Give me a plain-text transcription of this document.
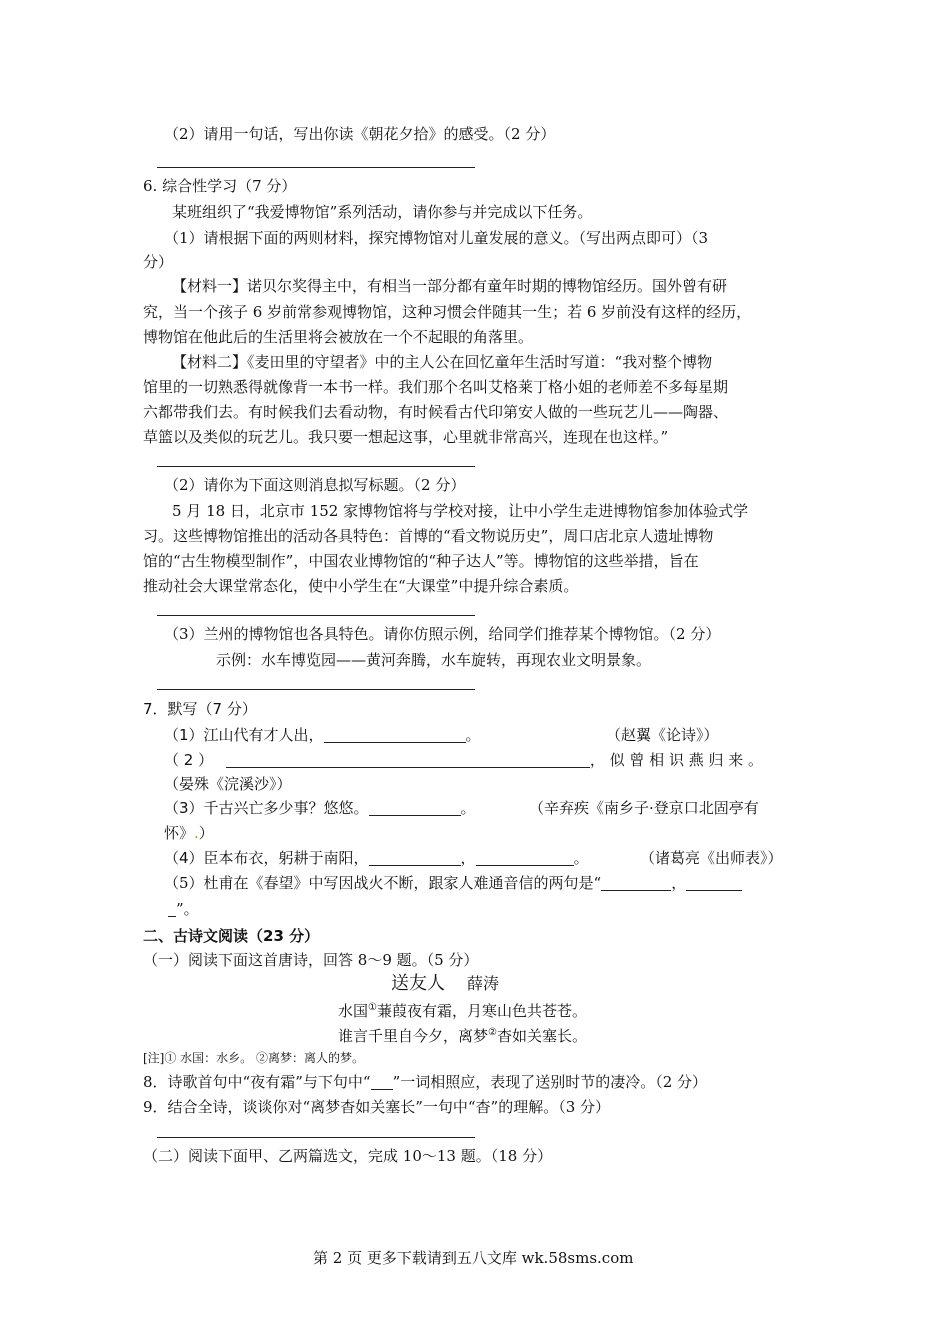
（2）请用一句话，写出你读《朝花夕拾》的感受。（2 分）
6. 综合性学习（7 分）
某班组织了“我爱博物馆”系列活动，请你参与并完成以下任务。
（1）请根据下面的两则材料，探究博物馆对儿童发展的意义。（写出两点即可）（3
分）
【材料一】诺贝尔奖得主中，有相当一部分都有童年时期的博物馆经历。国外曾有研
究，当一个孩子 6 岁前常参观博物馆，这种习惯会伴随其一生；若 6 岁前没有这样的经历，
博物馆在他此后的生活里将会被放在一个不起眼的角落里。
【材料二】《麦田里的守望者》中的主人公在回忆童年生活时写道：“我对整个博物
馆里的一切熟悉得就像背一本书一样。我们那个名叫艾格莱丁格小姐的老师差不多每星期
六都带我们去。有时候我们去看动物，有时候看古代印第安人做的一些玩艺儿——陶器、
草篮以及类似的玩艺儿。我只要一想起这事，心里就非常高兴，连现在也这样。”
（2）请你为下面这则消息拟写标题。（2 分）
5 月 18 日，北京市 152 家博物馆将与学校对接，让中小学生走进博物馆参加体验式学
习。这些博物馆推出的活动各具特色：首博的“看文物说历史”，周口店北京人遗址博物
馆的“古生物模型制作”，中国农业博物馆的“种子达人”等。博物馆的这些举措，旨在
推动社会大课堂常态化，使中小学生在“大课堂”中提升综合素质。
（3）兰州的博物馆也各具特色。请你仿照示例，给同学们推荐某个博物馆。（2 分）
示例：水车博览园——黄河奔腾，水车旋转，再现农业文明景象。
7．默写（7 分）
（1）江山代有才人出，	。	（赵翼《论诗》）
（ 2 ）	， 似 曾 相 识 燕 归 来 。
（晏殊《浣溪沙》）
（3）千古兴亡多少事？悠悠。	。	（辛弃疾《南乡子·登京口北固亭有
怀》.）
（4）臣本布衣，躬耕于南阳，	，	。	（诸葛亮《出师表》）
（5）杜甫在《春望》中写因战火不断，跟家人难通音信的两句是“	，
”。
二、古诗文阅读（23 分）
（一）阅读下面这首唐诗，回答 8～9 题。（5 分）
送友人 薛涛
水国①蒹葭夜有霜，月寒山色共苍苍。
谁言千里自今夕，离梦②杳如关塞长。
[注]① 水国：水乡。 ②离梦：离人的梦。
8．诗歌首句中“夜有霜”与下句中“ ”一词相照应，表现了送别时节的凄冷。（2 分）
9．结合全诗，谈谈你对“离梦杳如关塞长”一句中“杳”的理解。（3 分）
（二）阅读下面甲、乙两篇选文，完成 10～13 题。（18 分）
第 2 页 更多下载请到五八文库 wk.58sms.com
